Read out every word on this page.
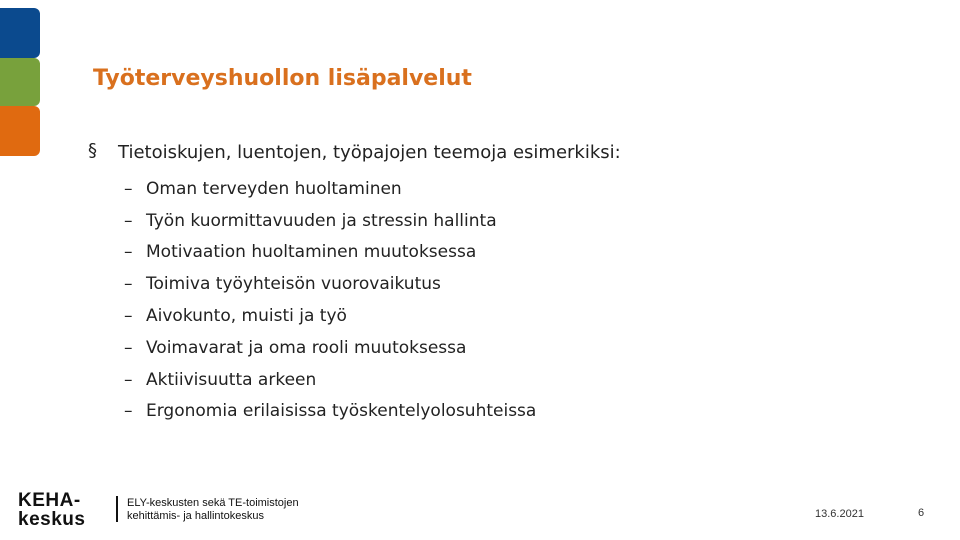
Työterveyshuollon lisäpalvelut
§ Tietoiskujen, luentojen, työpajojen teemoja esimerkiksi:
– Oman terveyden huoltaminen
– Työn kuormittavuuden ja stressin hallinta
– Motivaation huoltaminen muutoksessa
– Toimiva työyhteisön vuorovaikutus
– Aivokunto, muisti ja työ
– Voimavarat ja oma rooli muutoksessa
– Aktiivisuutta arkeen
– Ergonomia erilaisissa työskentelyolosuhteissa
KEHA-
keskus
ELY-keskusten sekä TE-toimistojen
kehittämis- ja hallintokeskus	13.6.2021	6
